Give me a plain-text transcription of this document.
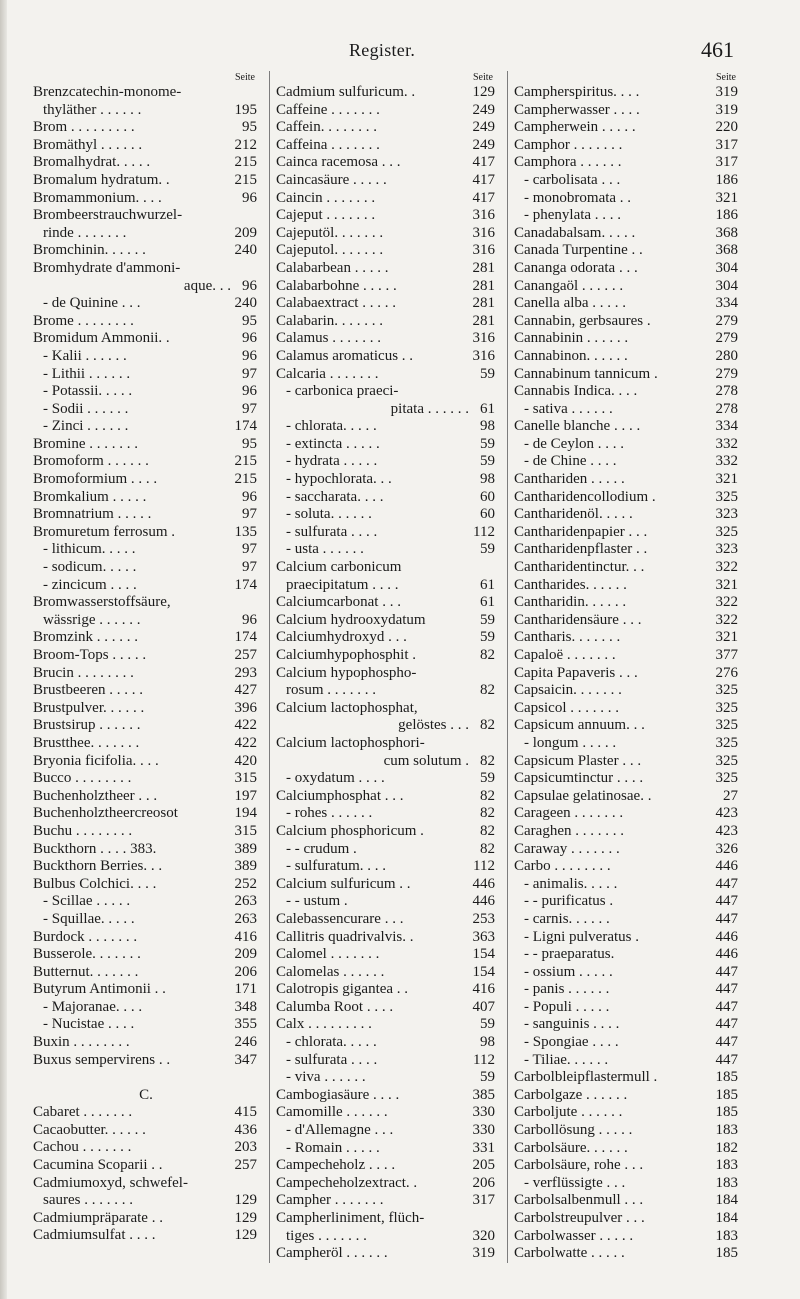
Register.	461
Seite
Brenzcatechin-monome-
thyläther . . . . . .	195
Brom . . . . . . . . .	95
Bromäthyl . . . . . .	212
Bromalhydrat. . . . .	215
Bromalum hydratum. .	215
Bromammonium. . . .	96
Brombeerstrauchwurzel-
rinde . . . . . . .	209
Bromchinin. . . . . .	240
Bromhydrate d'ammoni-
aque. . . 96
- de Quinine . . .	240
Brome . . . . . . . .	95
Bromidum Ammonii. .	96
- Kalii . . . . . .	96
- Lithii . . . . . .	97
- Potassii. . . . .	96
- Sodii . . . . . .	97
- Zinci . . . . . .	174
Bromine . . . . . . .	95
Bromoform . . . . . .	215
Bromoformium . . . .	215
Bromkalium . . . . .	96
Bromnatrium . . . . .	97
Bromuretum ferrosum .	135
- lithicum. . . . .	97
- sodicum. . . . .	97
- zincicum . . . .	174
Bromwasserstoffsäure,
wässrige . . . . . .	96
Bromzink . . . . . .	174
Broom-Tops . . . . .	257
Brucin . . . . . . . .	293
Brustbeeren . . . . .	427
Brustpulver. . . . . .	396
Brustsirup . . . . . .	422
Brustthee. . . . . . .	422
Bryonia ficifolia. . . .	420
Bucco . . . . . . . .	315
Buchenholztheer . . .	197
Buchenholztheercreosot	194
Buchu . . . . . . . .	315
Buckthorn . . . . 383.	389
Buckthorn Berries. . .	389
Bulbus Colchici. . . .	252
- Scillae . . . . .	263
- Squillae. . . . .	263
Burdock . . . . . . .	416
Busserole. . . . . . .	209
Butternut. . . . . . .	206
Butyrum Antimonii . .	171
- Majoranae. . . .	348
- Nucistae . . . .	355
Buxin . . . . . . . .	246
Buxus sempervirens . .	347
C.
Cabaret . . . . . . .	415
Cacaobutter. . . . . .	436
Cachou . . . . . . .	203
Cacumina Scoparii . .	257
Cadmiumoxyd, schwefel-
saures . . . . . . .	129
Cadmiumpräparate . .	129
Cadmiumsulfat . . . .	129
Seite
Cadmium sulfuricum. .	129
Caffeine . . . . . . .	249
Caffein. . . . . . . .	249
Caffeina . . . . . . .	249
Cainca racemosa . . .	417
Caincasäure . . . . .	417
Caincin . . . . . . .	417
Cajeput . . . . . . .	316
Cajeputöl. . . . . . .	316
Cajeputol. . . . . . .	316
Calabarbean . . . . .	281
Calabarbohne . . . . .	281
Calabaextract . . . . .	281
Calabarin. . . . . . .	281
Calamus . . . . . . .	316
Calamus aromaticus . .	316
Calcaria . . . . . . .	59
- carbonica praeci-
pitata . . . . . . 61
- chlorata. . . . .	98
- extincta . . . . .	59
- hydrata . . . . .	59
- hypochlorata. . .	98
- saccharata. . . .	60
- soluta. . . . . .	60
- sulfurata . . . .	112
- usta . . . . . .	59
Calcium carbonicum
praecipitatum . . . .	61
Calciumcarbonat . . .	61
Calcium hydrooxydatum	59
Calciumhydroxyd . . .	59
Calciumhypophosphit .	82
Calcium hypophospho-
rosum . . . . . . .	82
Calcium lactophosphat,
gelöstes . . . 82
Calcium lactophosphori-
cum solutum . 82
- oxydatum . . . .	59
Calciumphosphat . . .	82
- rohes . . . . . .	82
Calcium phosphoricum .	82
- - crudum .	82
- sulfuratum. . . .	112
Calcium sulfuricum . .	446
- - ustum .	446
Calebassencurare . . .	253
Callitris quadrivalvis. .	363
Calomel . . . . . . .	154
Calomelas . . . . . .	154
Calotropis gigantea . .	416
Calumba Root . . . .	407
Calx . . . . . . . . .	59
- chlorata. . . . .	98
- sulfurata . . . .	112
- viva . . . . . .	59
Cambogiasäure . . . .	385
Camomille . . . . . .	330
- d'Allemagne . . .	330
- Romain . . . . .	331
Campecheholz . . . .	205
Campecheholzextract. .	206
Campher . . . . . . .	317
Campherliniment, flüch-
tiges . . . . . . .	320
Campheröl . . . . . .	319
Seite
Campherspiritus. . . .	319
Campherwasser . . . .	319
Campherwein . . . . .	220
Camphor . . . . . . .	317
Camphora . . . . . .	317
- carbolisata . . .	186
- monobromata . .	321
- phenylata . . . .	186
Canadabalsam. . . . .	368
Canada Turpentine . .	368
Cananga odorata . . .	304
Canangaöl . . . . . .	304
Canella alba . . . . .	334
Cannabin, gerbsaures .	279
Cannabinin . . . . . .	279
Cannabinon. . . . . .	280
Cannabinum tannicum .	279
Cannabis Indica. . . .	278
- sativa . . . . . .	278
Canelle blanche . . . .	334
- de Ceylon . . . .	332
- de Chine . . . .	332
Canthariden . . . . .	321
Cantharidencollodium .	325
Cantharidenöl. . . . .	323
Cantharidenpapier . . .	325
Cantharidenpflaster . .	323
Cantharidentinctur. . .	322
Cantharides. . . . . .	321
Cantharidin. . . . . .	322
Cantharidensäure . . .	322
Cantharis. . . . . . .	321
Capaloë . . . . . . .	377
Capita Papaveris . . .	276
Capsaicin. . . . . . .	325
Capsicol . . . . . . .	325
Capsicum annuum. . .	325
- longum . . . . .	325
Capsicum Plaster . . .	325
Capsicumtinctur . . . .	325
Capsulae gelatinosae. .	27
Carageen . . . . . . .	423
Caraghen . . . . . . .	423
Caraway . . . . . . .	326
Carbo . . . . . . . .	446
- animalis. . . . .	447
- - purificatus .	447
- carnis. . . . . .	447
- Ligni pulveratus .	446
- - praeparatus.	446
- ossium . . . . .	447
- panis . . . . . .	447
- Populi . . . . .	447
- sanguinis . . . .	447
- Spongiae . . . .	447
- Tiliae. . . . . .	447
Carbolbleipflastermull .	185
Carbolgaze . . . . . .	185
Carboljute . . . . . .	185
Carbollösung . . . . .	183
Carbolsäure. . . . . .	182
Carbolsäure, rohe . . .	183
- verflüssigte . . .	183
Carbolsalbenmull . . .	184
Carbolstreupulver . . .	184
Carbolwasser . . . . .	183
Carbolwatte . . . . .	185
